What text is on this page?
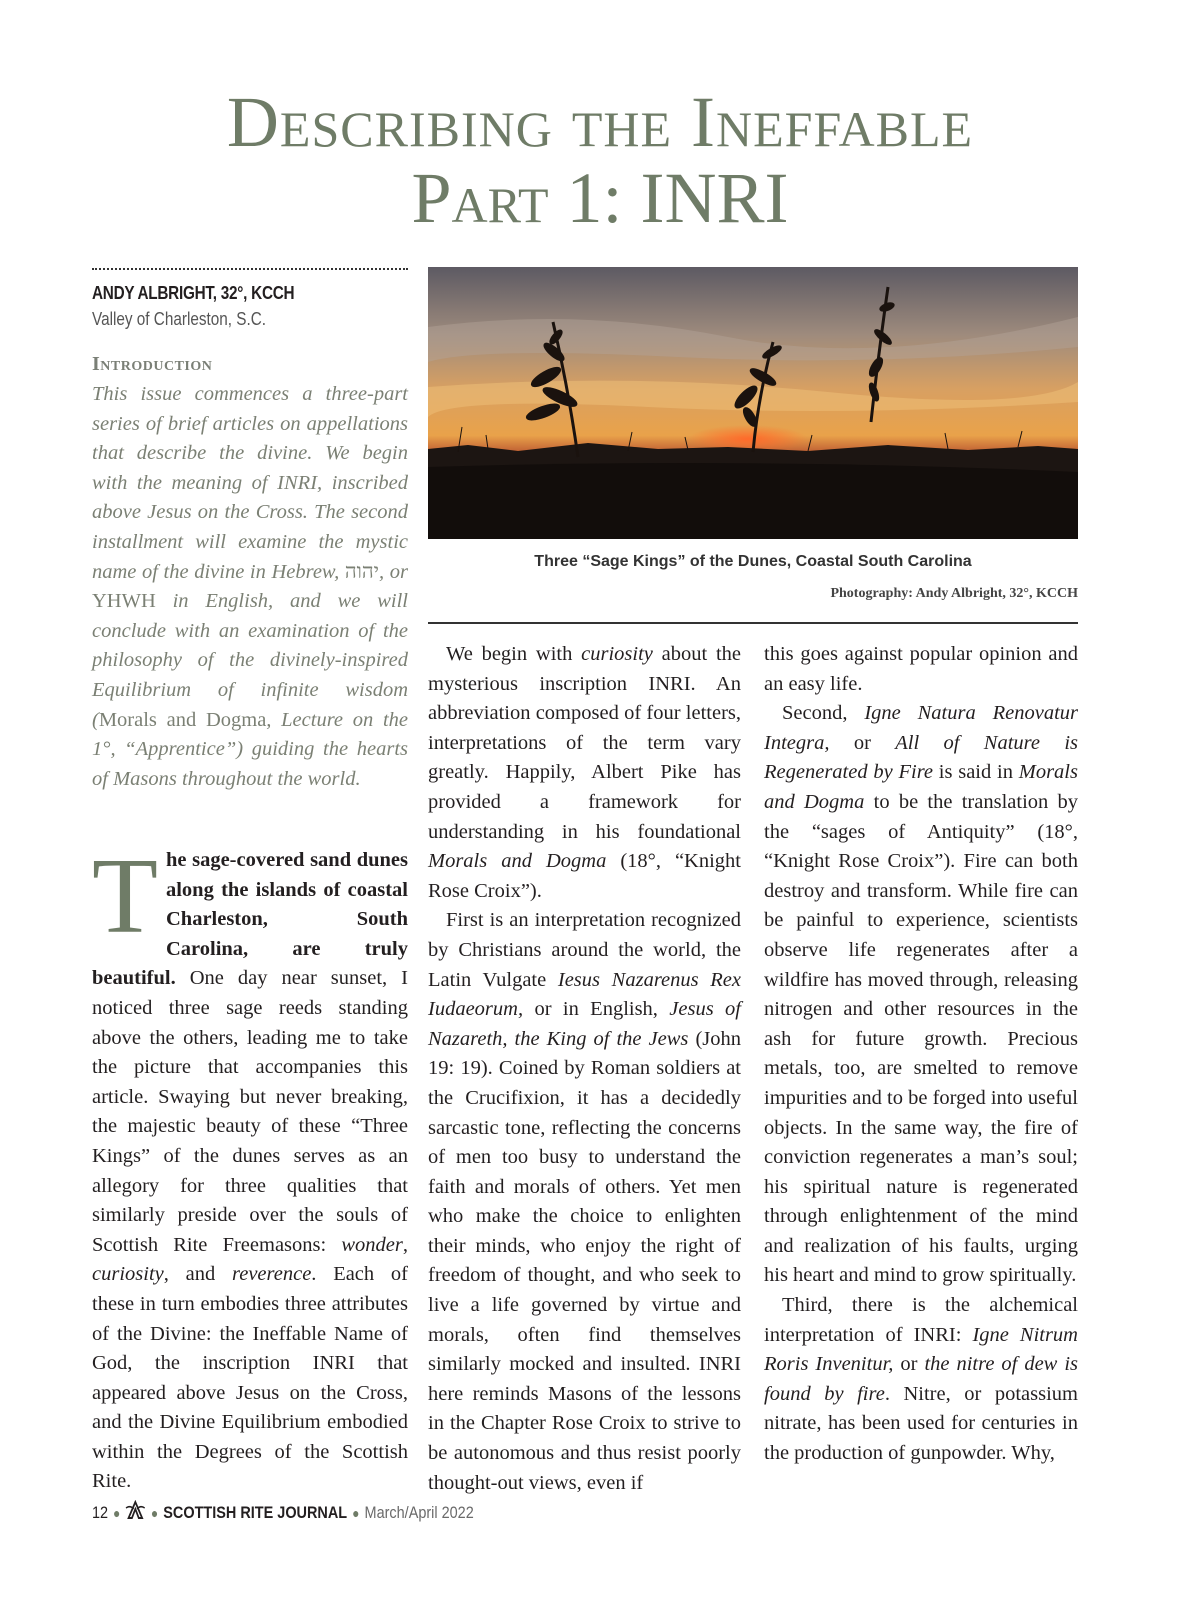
Describing the Ineffable
Part 1: INRI
ANDY ALBRIGHT, 32°, KCCH
Valley of Charleston, S.C.
Introduction
This issue commences a three-part series of brief articles on appellations that describe the divine. We begin with the meaning of INRI, inscribed above Jesus on the Cross. The second installment will examine the mystic name of the divine in Hebrew, יהוה, or YHWH in English, and we will conclude with an examination of the philosophy of the divinely-inspired Equilibrium of infinite wisdom (Morals and Dogma, Lecture on the 1°, “Apprentice”) guiding the hearts of Masons throughout the world.
Three “Sage Kings” of the Dunes, Coastal South Carolina
Photography: Andy Albright, 32°, KCCH

The sage-covered sand dunes along the islands of coastal Charleston, South Carolina, are truly beautiful. One day near sunset, I noticed three sage reeds standing above the others, leading me to take the picture that accompanies this article. Swaying but never breaking, the majestic beauty of these “Three Kings” of the dunes serves as an allegory for three qualities that similarly preside over the souls of Scottish Rite Freemasons: wonder, curiosity, and reverence. Each of these in turn embodies three attributes of the Divine: the Ineffable Name of God, the inscription INRI that appeared above Jesus on the Cross, and the Divine Equilibrium embodied within the Degrees of the Scottish Rite.

We begin with curiosity about the mysterious inscription INRI. An abbreviation composed of four letters, interpretations of the term vary greatly. Happily, Albert Pike has provided a framework for understanding in his foundational Morals and Dogma (18°, “Knight Rose Croix”).

First is an interpretation recognized by Christians around the world, the Latin Vulgate Iesus Nazarenus Rex Iudaeorum, or in English, Jesus of Nazareth, the King of the Jews (John 19: 19). Coined by Roman soldiers at the Crucifixion, it has a decidedly sarcastic tone, reflecting the concerns of men too busy to understand the faith and morals of others. Yet men who make the choice to enlighten their minds, who enjoy the right of freedom of thought, and who seek to live a life governed by virtue and morals, often find themselves similarly mocked and insulted. INRI here reminds Masons of the lessons in the Chapter Rose Croix to strive to be autonomous and thus resist poorly thought-out views, even if

this goes against popular opinion and an easy life.

Second, Igne Natura Renovatur Integra, or All of Nature is Regenerated by Fire is said in Morals and Dogma to be the translation by the “sages of Antiquity” (18°, “Knight Rose Croix”). Fire can both destroy and transform. While fire can be painful to experience, scientists observe life regenerates after a wildfire has moved through, releasing nitrogen and other resources in the ash for future growth. Precious metals, too, are smelted to remove impurities and to be forged into useful objects. In the same way, the fire of conviction regenerates a man’s soul; his spiritual nature is regenerated through enlightenment of the mind and realization of his faults, urging his heart and mind to grow spiritually.

Third, there is the alchemical interpretation of INRI: Igne Nitrum Roris Invenitur, or the nitre of dew is found by fire. Nitre, or potassium nitrate, has been used for centuries in the production of gunpowder. Why,

12 ● ● SCOTTISH RITE JOURNAL ● March/April 2022
